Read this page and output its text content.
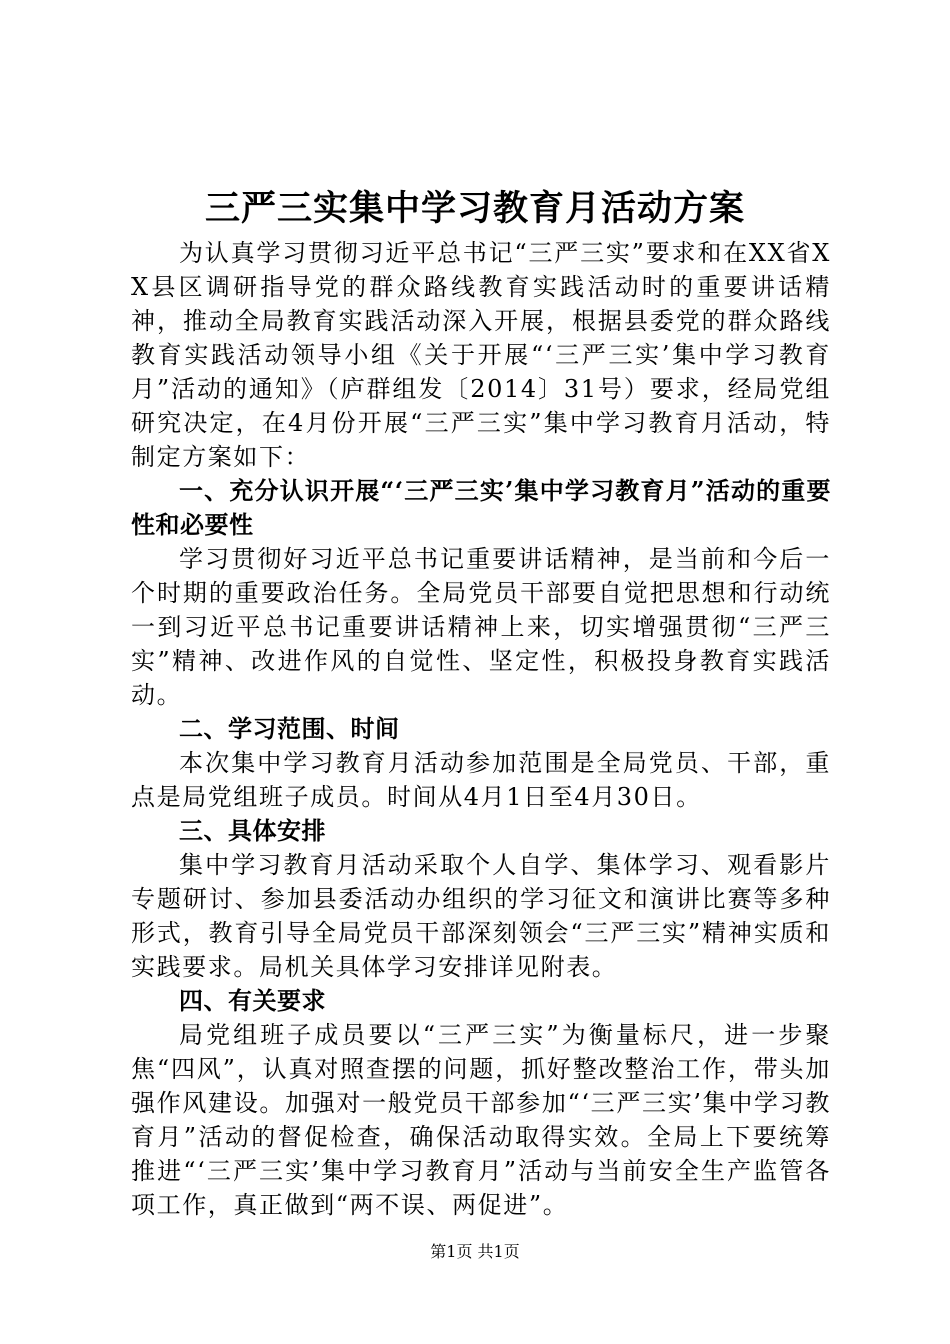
三严三实集中学习教育月活动方案

为认真学习贯彻习近平总书记“三严三实”要求和在XX省XX县区调研指导党的群众路线教育实践活动时的重要讲话精神，推动全局教育实践活动深入开展，根据县委党的群众路线教育实践活动领导小组《关于开展“‘三严三实’集中学习教育月”活动的通知》（庐群组发〔2014〕31号）要求，经局党组研究决定，在4月份开展“三严三实”集中学习教育月活动，特制定方案如下：

一、充分认识开展“‘三严三实’集中学习教育月”活动的重要性和必要性

学习贯彻好习近平总书记重要讲话精神，是当前和今后一个时期的重要政治任务。全局党员干部要自觉把思想和行动统一到习近平总书记重要讲话精神上来，切实增强贯彻“三严三实”精神、改进作风的自觉性、坚定性，积极投身教育实践活动。

二、学习范围、时间

本次集中学习教育月活动参加范围是全局党员、干部，重点是局党组班子成员。时间从4月1日至4月30日。

三、具体安排

集中学习教育月活动采取个人自学、集体学习、观看影片专题研讨、参加县委活动办组织的学习征文和演讲比赛等多种形式，教育引导全局党员干部深刻领会“三严三实”精神实质和实践要求。局机关具体学习安排详见附表。

四、有关要求

局党组班子成员要以“三严三实”为衡量标尺，进一步聚焦“四风”，认真对照查摆的问题，抓好整改整治工作，带头加强作风建设。加强对一般党员干部参加“‘三严三实’集中学习教育月”活动的督促检查，确保活动取得实效。全局上下要统筹推进“‘三严三实’集中学习教育月”活动与当前安全生产监管各项工作，真正做到“两不误、两促进”。

第1页 共1页
